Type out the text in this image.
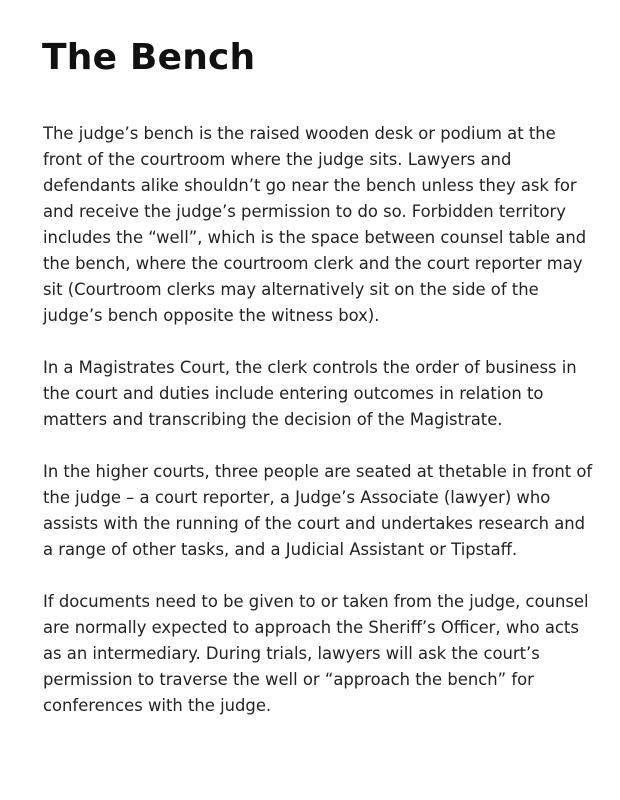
The Bench

The judge’s bench is the raised wooden desk or podium at the front of the courtroom where the judge sits. Lawyers and defendants alike shouldn’t go near the bench unless they ask for and receive the judge’s permission to do so. Forbidden territory includes the “well”, which is the space between counsel table and the bench, where the courtroom clerk and the court reporter may sit (Courtroom clerks may alternatively sit on the side of the judge’s bench opposite the witness box).

In a Magistrates Court, the clerk controls the order of business in the court and duties include entering outcomes in relation to matters and transcribing the decision of the Magistrate.

In the higher courts, three people are seated at thetable in front of the judge – a court reporter, a Judge’s Associate (lawyer) who assists with the running of the court and undertakes research and a range of other tasks, and a Judicial Assistant or Tipstaff.

If documents need to be given to or taken from the judge, counsel are normally expected to approach the Sheriff’s Officer, who acts as an intermediary. During trials, lawyers will ask the court’s permission to traverse the well or “approach the bench” for conferences with the judge.
